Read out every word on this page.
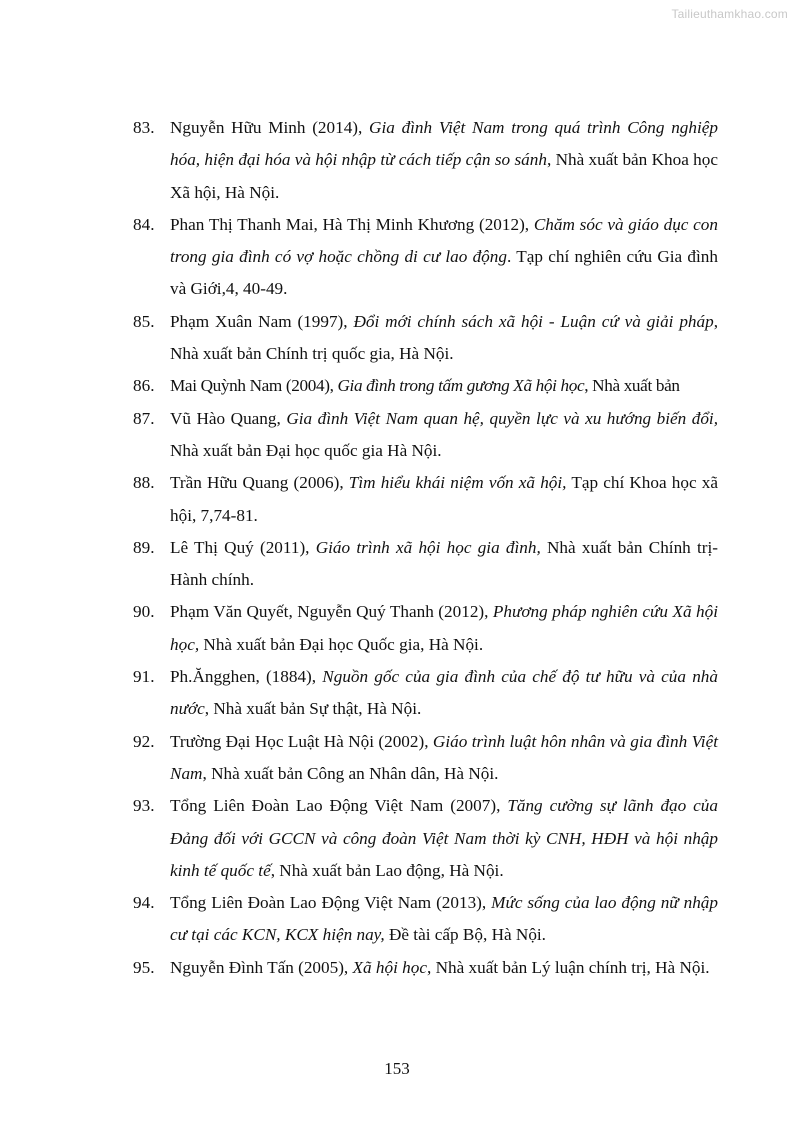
Tailieuthamkhao.com
83. Nguyễn Hữu Minh (2014), Gia đình Việt Nam trong quá trình Công nghiệp hóa, hiện đại hóa và hội nhập từ cách tiếp cận so sánh, Nhà xuất bản Khoa học Xã hội, Hà Nội.
84. Phan Thị Thanh Mai, Hà Thị Minh Khương (2012), Chăm sóc và giáo dục con trong gia đình có vợ hoặc chồng di cư lao động. Tạp chí nghiên cứu Gia đình và Giới,4, 40-49.
85. Phạm Xuân Nam (1997), Đổi mới chính sách xã hội - Luận cứ và giải pháp, Nhà xuất bản Chính trị quốc gia, Hà Nội.
86. Mai Quỳnh Nam (2004), Gia đình trong tấm gương Xã hội học, Nhà xuất bản
87. Vũ Hào Quang, Gia đình Việt Nam quan hệ, quyền lực và xu hướng biến đổi, Nhà xuất bản Đại học quốc gia Hà Nội.
88. Trần Hữu Quang (2006), Tìm hiểu khái niệm vốn xã hội, Tạp chí Khoa học xã hội, 7,74-81.
89. Lê Thị Quý (2011), Giáo trình xã hội học gia đình, Nhà xuất bản Chính trị- Hành chính.
90. Phạm Văn Quyết, Nguyễn Quý Thanh (2012), Phương pháp nghiên cứu Xã hội học, Nhà xuất bản Đại học Quốc gia, Hà Nội.
91. Ph.Ăngghen, (1884), Nguồn gốc của gia đình của chế độ tư hữu và của nhà nước, Nhà xuất bản Sự thật, Hà Nội.
92. Trường Đại Học Luật Hà Nội (2002), Giáo trình luật hôn nhân và gia đình Việt Nam, Nhà xuất bản Công an Nhân dân, Hà Nội.
93. Tổng Liên Đoàn Lao Động Việt Nam (2007), Tăng cường sự lãnh đạo của Đảng đối với GCCN và công đoàn Việt Nam thời kỳ CNH, HĐH và hội nhập kinh tế quốc tế, Nhà xuất bản Lao động, Hà Nội.
94. Tổng Liên Đoàn Lao Động Việt Nam (2013), Mức sống của lao động nữ nhập cư tại các KCN, KCX hiện nay, Đề tài cấp Bộ, Hà Nội.
95. Nguyễn Đình Tấn (2005), Xã hội học, Nhà xuất bản Lý luận chính trị, Hà Nội.
153
